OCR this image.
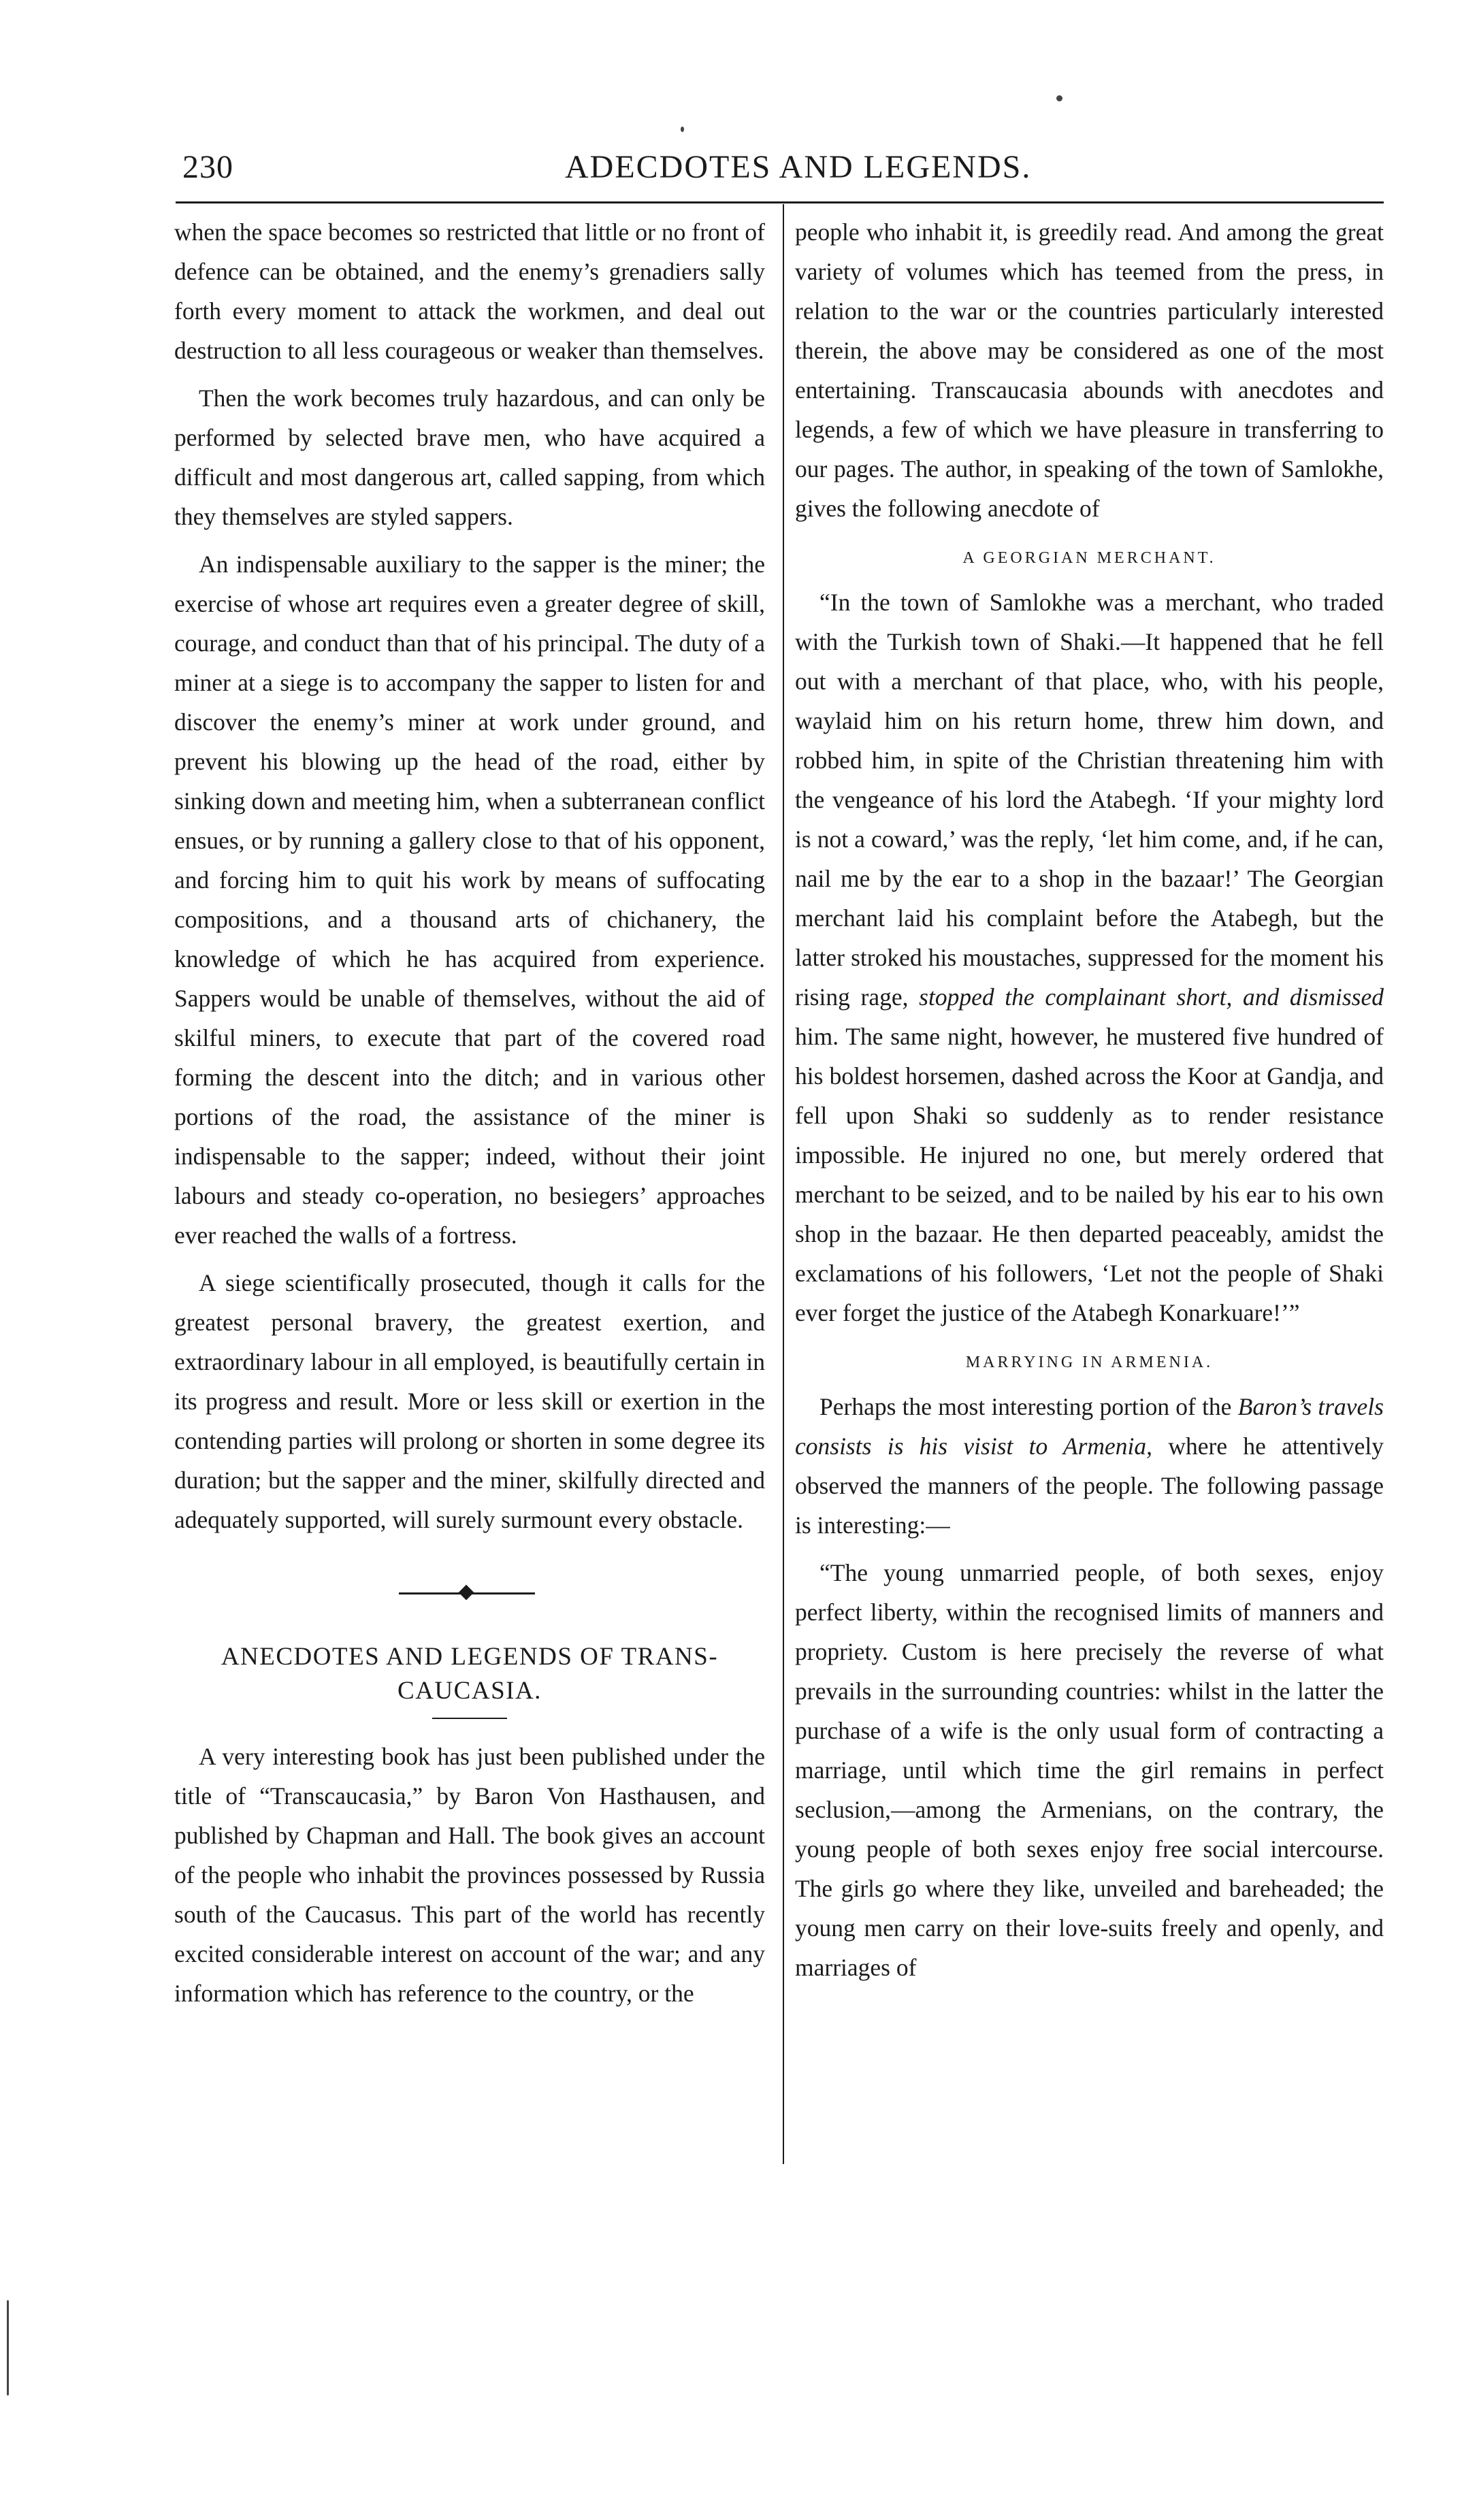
230	ADECDOTES AND LEGENDS.

when the space becomes so restricted that little or no front of defence can be obtained, and the enemy’s grenadiers sally forth every moment to attack the workmen, and deal out destruction to all less courageous or weaker than themselves.

Then the work becomes truly hazardous, and can only be performed by selected brave men, who have acquired a difficult and most dangerous art, called sapping, from which they themselves are styled sappers.

An indispensable auxiliary to the sapper is the miner; the exercise of whose art requires even a greater degree of skill, courage, and conduct than that of his principal. The duty of a miner at a siege is to accompany the sapper to listen for and discover the enemy’s miner at work under ground, and prevent his blowing up the head of the road, either by sinking down and meeting him, when a subterranean conflict ensues, or by running a gallery close to that of his opponent, and forcing him to quit his work by means of suffocating compositions, and a thousand arts of chichanery, the knowledge of which he has acquired from experience. Sappers would be unable of themselves, without the aid of skilful miners, to execute that part of the covered road forming the descent into the ditch; and in various other portions of the road, the assistance of the miner is indispensable to the sapper; indeed, without their joint labours and steady co-operation, no besiegers’ approaches ever reached the walls of a fortress.

A siege scientifically prosecuted, though it calls for the greatest personal bravery, the greatest exertion, and extraordinary labour in all employed, is beautifully certain in its progress and result. More or less skill or exertion in the contending parties will prolong or shorten in some degree its duration; but the sapper and the miner, skilfully directed and adequately supported, will surely surmount every obstacle.

ANECDOTES AND LEGENDS OF TRANS-CAUCASIA.

A very interesting book has just been published under the title of “Transcaucasia,” by Baron Von Hasthausen, and published by Chapman and Hall. The book gives an account of the people who inhabit the provinces possessed by Russia south of the Caucasus. This part of the world has recently excited considerable interest on account of the war; and any information which has reference to the country, or the

people who inhabit it, is greedily read. And among the great variety of volumes which has teemed from the press, in relation to the war or the countries particularly interested therein, the above may be considered as one of the most entertaining. Transcaucasia abounds with anecdotes and legends, a few of which we have pleasure in transferring to our pages. The author, in speaking of the town of Samlokhe, gives the following anecdote of

A GEORGIAN MERCHANT.

“In the town of Samlokhe was a merchant, who traded with the Turkish town of Shaki.—It happened that he fell out with a merchant of that place, who, with his people, waylaid him on his return home, threw him down, and robbed him, in spite of the Christian threatening him with the vengeance of his lord the Atabegh. ‘If your mighty lord is not a coward,’ was the reply, ‘let him come, and, if he can, nail me by the ear to a shop in the bazaar!’ The Georgian merchant laid his complaint before the Atabegh, but the latter stroked his moustaches, suppressed for the moment his rising rage, stopped the complainant short, and dismissed him. The same night, however, he mustered five hundred of his boldest horsemen, dashed across the Koor at Gandja, and fell upon Shaki so suddenly as to render resistance impossible. He injured no one, but merely ordered that merchant to be seized, and to be nailed by his ear to his own shop in the bazaar. He then departed peaceably, amidst the exclamations of his followers, ‘Let not the people of Shaki ever forget the justice of the Atabegh Konarkuare!’”

MARRYING IN ARMENIA.

Perhaps the most interesting portion of the Baron’s travels consists is his visist to Armenia, where he attentively observed the manners of the people. The following passage is interesting:—

“The young unmarried people, of both sexes, enjoy perfect liberty, within the recognised limits of manners and propriety. Custom is here precisely the reverse of what prevails in the surrounding countries: whilst in the latter the purchase of a wife is the only usual form of contracting a marriage, until which time the girl remains in perfect seclusion,—among the Armenians, on the contrary, the young people of both sexes enjoy free social intercourse. The girls go where they like, unveiled and bareheaded; the young men carry on their love-suits freely and openly, and marriages of
